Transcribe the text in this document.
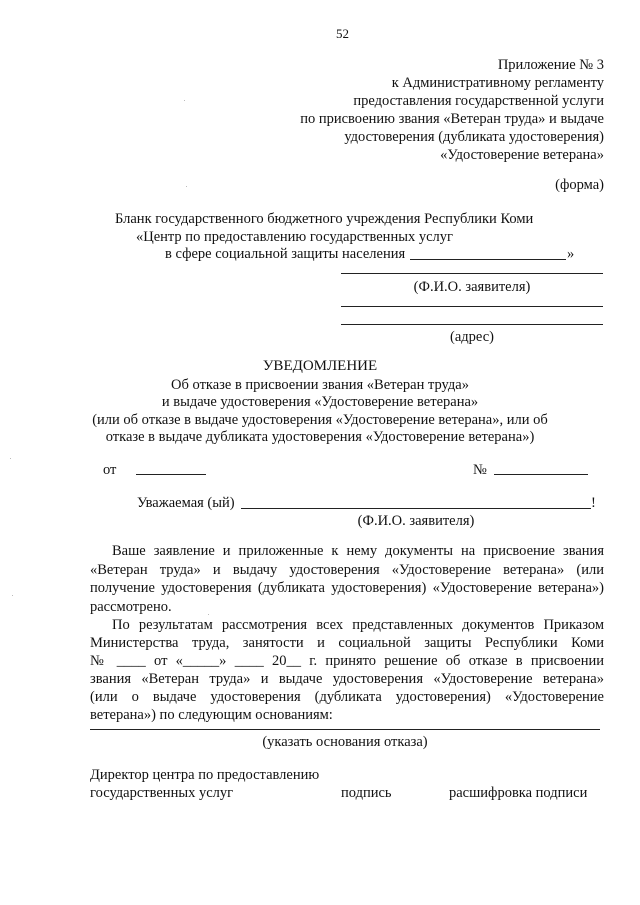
52
Приложение № 3
к Административному регламенту
предоставления государственной услуги
по присвоению звания «Ветеран труда» и выдаче
удостоверения (дубликата удостоверения)
«Удостоверение ветерана»
(форма)
Бланк государственного бюджетного учреждения Республики Коми
«Центр по предоставлению государственных услуг
в сфере социальной защиты населения	»
(Ф.И.О. заявителя)
(адрес)
УВЕДОМЛЕНИЕ
Об отказе в присвоении звания «Ветеран труда»
и выдаче удостоверения «Удостоверение ветерана»
(или об отказе в выдаче удостоверения «Удостоверение ветерана», или об
отказе в выдаче дубликата удостоверения «Удостоверение ветерана»)
от	№
Уважаемая (ый)	!
(Ф.И.О. заявителя)
Ваше заявление и приложенные к нему документы на присвоение звания «Ветеран труда» и выдачу удостоверения «Удостоверение ветерана» (или получение удостоверения (дубликата удостоверения) «Удостоверение ветерана») рассмотрено.
По результатам рассмотрения всех представленных документов Приказом
Министерства труда, занятости и социальной защиты Республики Коми
№ ____ от «_____» ____ 20__ г. принято решение об отказе в присвоении
звания «Ветеран труда» и выдаче удостоверения «Удостоверение ветерана»
(или о выдаче удостоверения (дубликата удостоверения) «Удостоверение
ветерана») по следующим основаниям:
(указать основания отказа)
Директор центра по предоставлению
государственных услуг	подпись	расшифровка подписи
